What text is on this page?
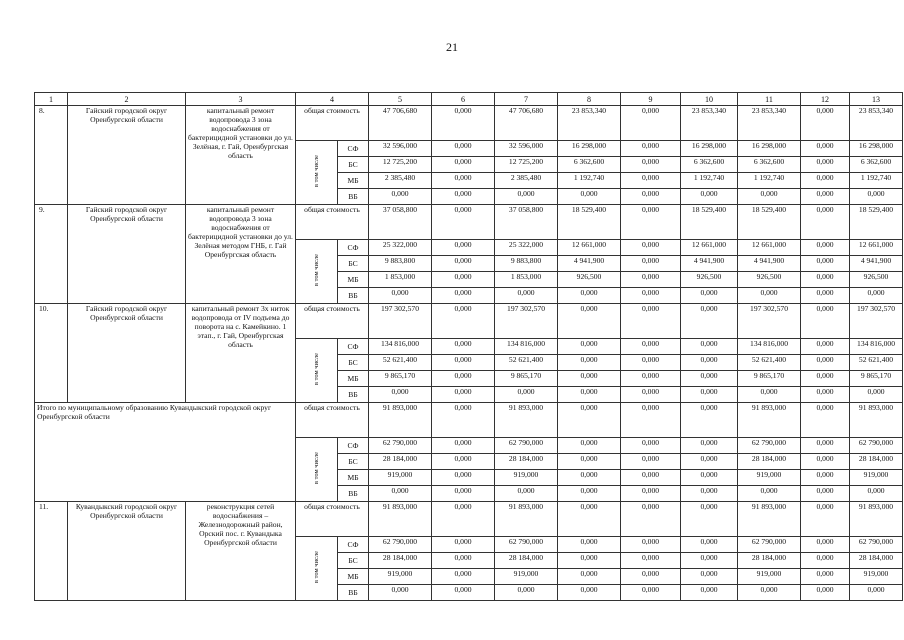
21
1	2	3	4		5	6	7	8	9	10	11	12	13
8.	Гайский городской округ Оренбургской области	капитальный ремонт водопровода 3 зона водоснабжения от бактерицидной установки до ул. Зелёная, г. Гай, Оренбургская область	общая стоимость		47 706,680	0,000	47 706,680	23 853,340	0,000	23 853,340	23 853,340	0,000	23 853,340
			в том числе	СФ	32 596,000	0,000	32 596,000	16 298,000	0,000	16 298,000	16 298,000	0,000	16 298,000
				БС	12 725,200	0,000	12 725,200	6 362,600	0,000	6 362,600	6 362,600	0,000	6 362,600
				МБ	2 385,480	0,000	2 385,480	1 192,740	0,000	1 192,740	1 192,740	0,000	1 192,740
				ВБ	0,000	0,000	0,000	0,000	0,000	0,000	0,000	0,000	0,000
9.	Гайский городской округ Оренбургской области	капитальный ремонт водопровода 3 зона водоснабжения от бактерицидной установки до ул. Зелёная методом ГНБ, г. Гай Оренбургская область	общая стоимость		37 058,800	0,000	37 058,800	18 529,400	0,000	18 529,400	18 529,400	0,000	18 529,400
			в том числе	СФ	25 322,000	0,000	25 322,000	12 661,000	0,000	12 661,000	12 661,000	0,000	12 661,000
				БС	9 883,800	0,000	9 883,800	4 941,900	0,000	4 941,900	4 941,900	0,000	4 941,900
				МБ	1 853,000	0,000	1 853,000	926,500	0,000	926,500	926,500	0,000	926,500
				ВБ	0,000	0,000	0,000	0,000	0,000	0,000	0,000	0,000	0,000
10.	Гайский городской округ Оренбургской области	капитальный ремонт 3х ниток водопровода от IV подъема до поворота на с. Камейкино. 1 этап., г. Гай, Оренбургская область	общая стоимость		197 302,570	0,000	197 302,570	0,000	0,000	0,000	197 302,570	0,000	197 302,570
			в том числе	СФ	134 816,000	0,000	134 816,000	0,000	0,000	0,000	134 816,000	0,000	134 816,000
				БС	52 621,400	0,000	52 621,400	0,000	0,000	0,000	52 621,400	0,000	52 621,400
				МБ	9 865,170	0,000	9 865,170	0,000	0,000	0,000	9 865,170	0,000	9 865,170
				ВБ	0,000	0,000	0,000	0,000	0,000	0,000	0,000	0,000	0,000
Итого по муниципальному образованию Кувандыкский городской округ Оренбургской области			общая стоимость		91 893,000	0,000	91 893,000	0,000	0,000	0,000	91 893,000	0,000	91 893,000
			в том числе	СФ	62 790,000	0,000	62 790,000	0,000	0,000	0,000	62 790,000	0,000	62 790,000
				БС	28 184,000	0,000	28 184,000	0,000	0,000	0,000	28 184,000	0,000	28 184,000
				МБ	919,000	0,000	919,000	0,000	0,000	0,000	919,000	0,000	919,000
				ВБ	0,000	0,000	0,000	0,000	0,000	0,000	0,000	0,000	0,000
11.	Кувандыкский городской округ Оренбургской области	реконструкция сетей водоснабжения – Железнодорожный район, Орский пос. г. Кувандыка Оренбургской области	общая стоимость		91 893,000	0,000	91 893,000	0,000	0,000	0,000	91 893,000	0,000	91 893,000
			в том числе	СФ	62 790,000	0,000	62 790,000	0,000	0,000	0,000	62 790,000	0,000	62 790,000
				БС	28 184,000	0,000	28 184,000	0,000	0,000	0,000	28 184,000	0,000	28 184,000
				МБ	919,000	0,000	919,000	0,000	0,000	0,000	919,000	0,000	919,000
				ВБ	0,000	0,000	0,000	0,000	0,000	0,000	0,000	0,000	0,000
